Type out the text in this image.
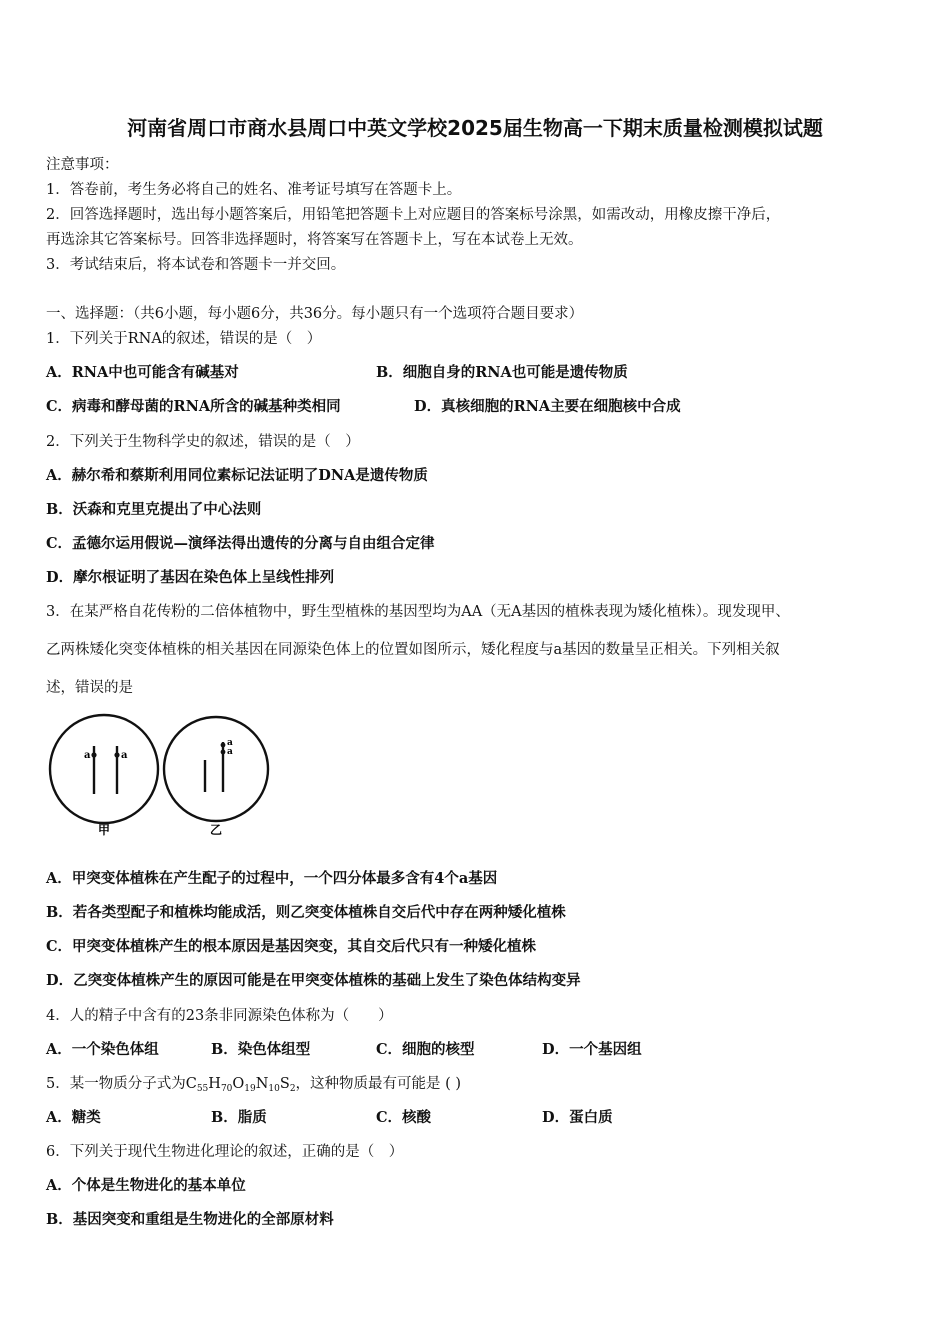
河南省周口市商水县周口中英文学校2025届生物高一下期末质量检测模拟试题
注意事项：
1．答卷前，考生务必将自己的姓名、准考证号填写在答题卡上。
2．回答选择题时，选出每小题答案后，用铅笔把答题卡上对应题目的答案标号涂黑，如需改动，用橡皮擦干净后，
再选涂其它答案标号。回答非选择题时，将答案写在答题卡上，写在本试卷上无效。
3．考试结束后，将本试卷和答题卡一并交回。
一、选择题：（共6小题，每小题6分，共36分。每小题只有一个选项符合题目要求）
1．下列关于RNA的叙述，错误的是（　）
A．RNA中也可能含有碱基对	B．细胞自身的RNA也可能是遗传物质
C．病毒和酵母菌的RNA所含的碱基种类相同	D．真核细胞的RNA主要在细胞核中合成
2．下列关于生物科学史的叙述，错误的是（　）
A．赫尔希和蔡斯利用同位素标记法证明了DNA是遗传物质
B．沃森和克里克提出了中心法则
C．孟德尔运用假说—演绎法得出遗传的分离与自由组合定律
D．摩尔根证明了基因在染色体上呈线性排列
3．在某严格自花传粉的二倍体植物中，野生型植株的基因型均为AA（无A基因的植株表现为矮化植株）。现发现甲、
乙两株矮化突变体植株的相关基因在同源染色体上的位置如图所示，矮化程度与a基因的数量呈正相关。下列相关叙
述，错误的是
a	a
甲
a
a
乙
A．甲突变体植株在产生配子的过程中，一个四分体最多含有4个a基因
B．若各类型配子和植株均能成活，则乙突变体植株自交后代中存在两种矮化植株
C．甲突变体植株产生的根本原因是基因突变，其自交后代只有一种矮化植株
D．乙突变体植株产生的原因可能是在甲突变体植株的基础上发生了染色体结构变异
4．人的精子中含有的23条非同源染色体称为（　　）
A．一个染色体组	B．染色体组型	C．细胞的核型	D．一个基因组
5．某一物质分子式为$C_{55}H_{70}O_{19}N_{10}S_2$，这种物质最有可能是 ( )
A．糖类	B．脂质	C．核酸	D．蛋白质
6．下列关于现代生物进化理论的叙述，正确的是（　）
A．个体是生物进化的基本单位
B．基因突变和重组是生物进化的全部原材料
